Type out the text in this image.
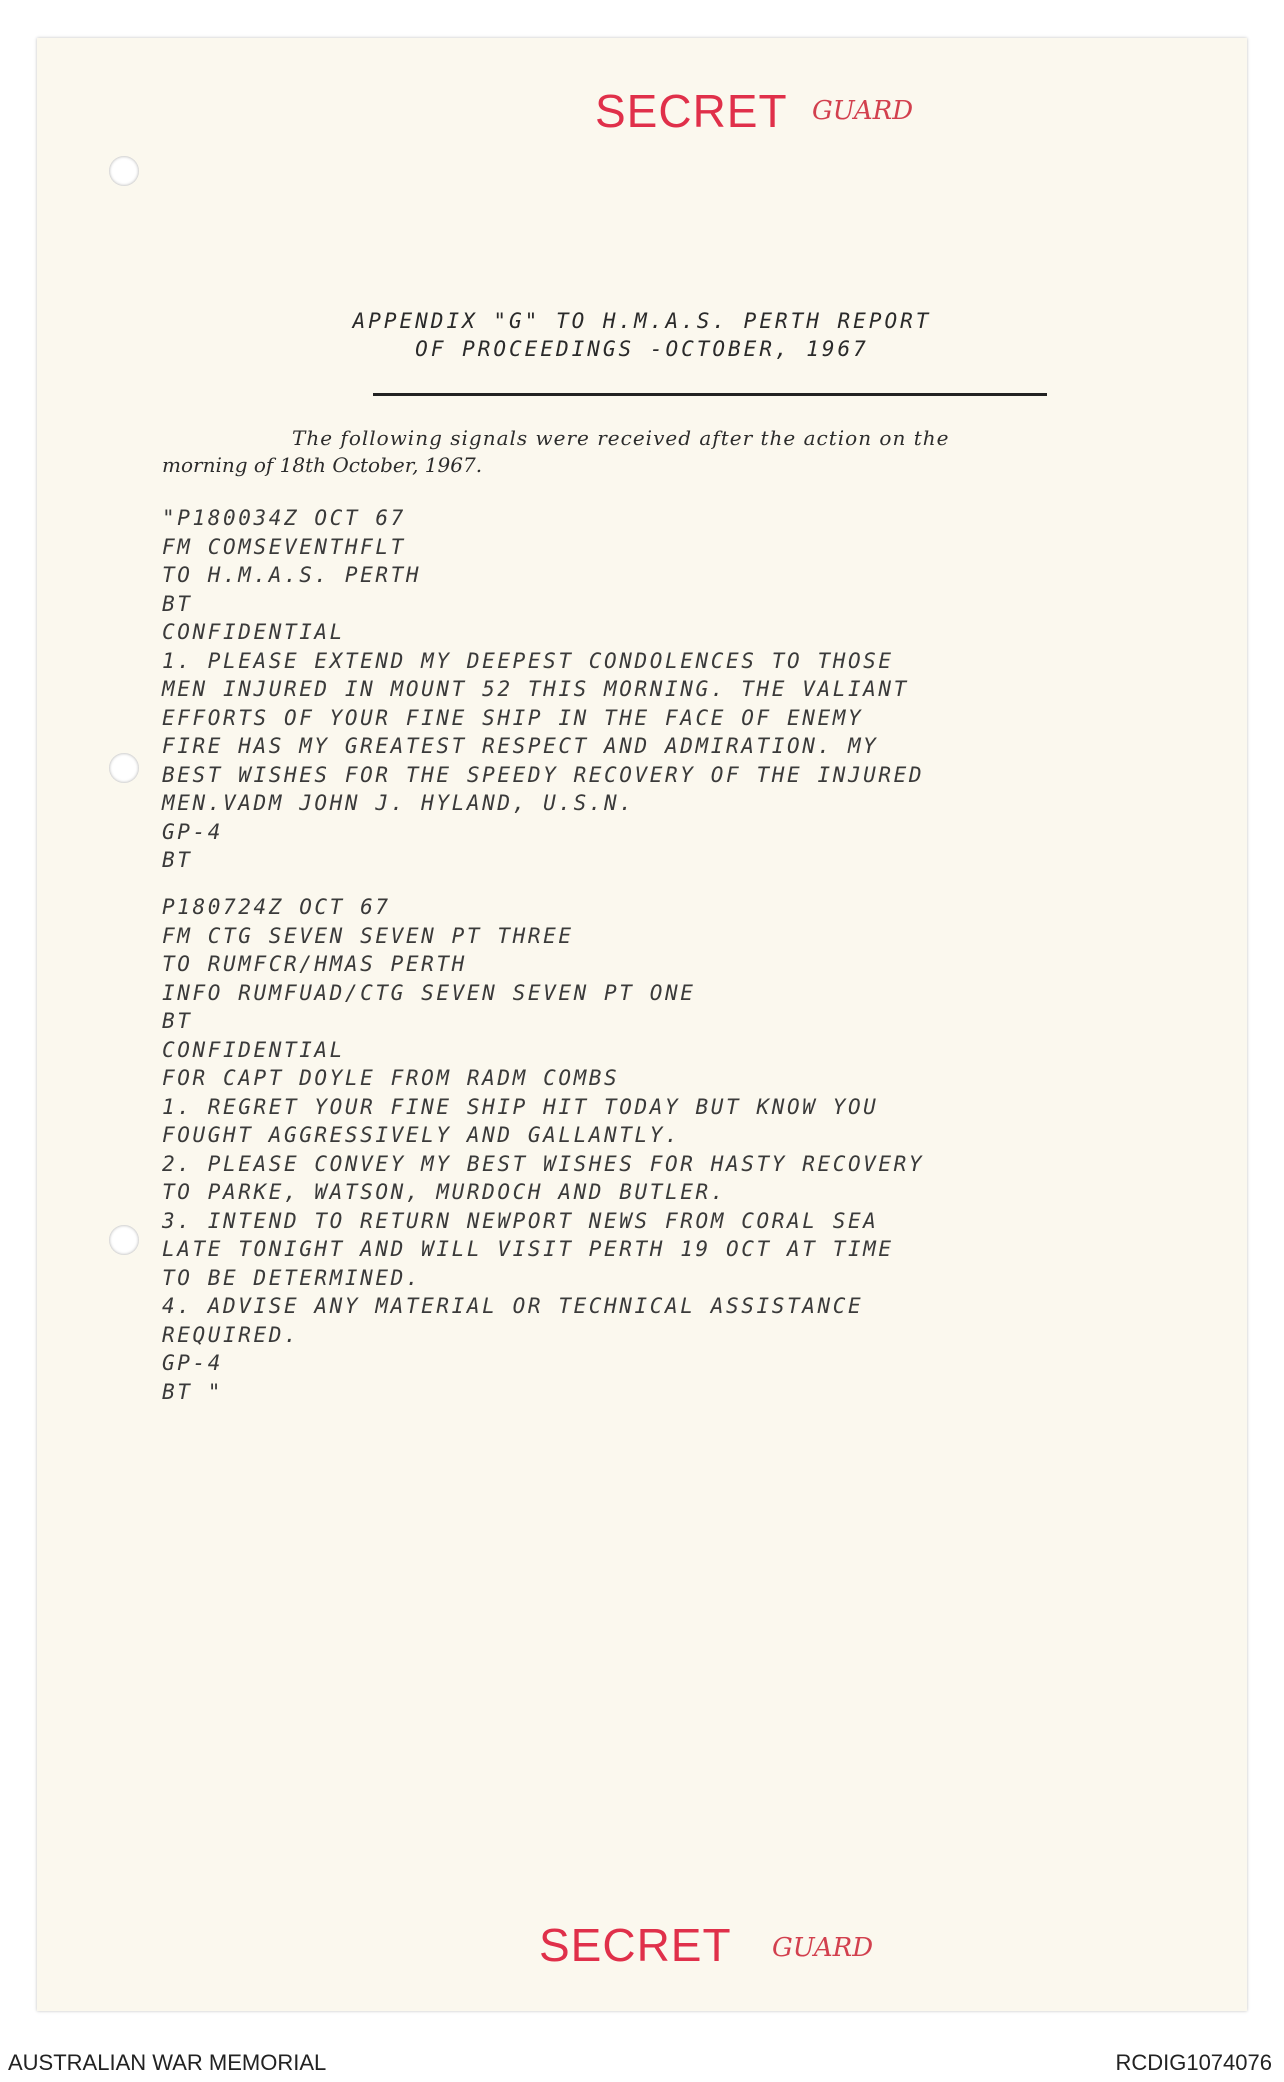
SECRET GUARD
APPENDIX "G" TO H.M.A.S. PERTH REPORT
OF PROCEEDINGS -OCTOBER, 1967
The following signals were received after the action on the
morning of 18th October, 1967.
"P180034Z OCT 67
FM COMSEVENTHFLT
TO H.M.A.S. PERTH
BT
CONFIDENTIAL
1. PLEASE EXTEND MY DEEPEST CONDOLENCES TO THOSE
MEN INJURED IN MOUNT 52 THIS MORNING. THE VALIANT
EFFORTS OF YOUR FINE SHIP IN THE FACE OF ENEMY
FIRE HAS MY GREATEST RESPECT AND ADMIRATION. MY
BEST WISHES FOR THE SPEEDY RECOVERY OF THE INJURED
MEN.VADM JOHN J. HYLAND, U.S.N.
GP-4
BT
P180724Z OCT 67
FM CTG SEVEN SEVEN PT THREE
TO RUMFCR/HMAS PERTH
INFO RUMFUAD/CTG SEVEN SEVEN PT ONE
BT
CONFIDENTIAL
FOR CAPT DOYLE FROM RADM COMBS
1. REGRET YOUR FINE SHIP HIT TODAY BUT KNOW YOU
FOUGHT AGGRESSIVELY AND GALLANTLY.
2. PLEASE CONVEY MY BEST WISHES FOR HASTY RECOVERY
TO PARKE, WATSON, MURDOCH AND BUTLER.
3. INTEND TO RETURN NEWPORT NEWS FROM CORAL SEA
LATE TONIGHT AND WILL VISIT PERTH 19 OCT AT TIME
TO BE DETERMINED.
4. ADVISE ANY MATERIAL OR TECHNICAL ASSISTANCE
REQUIRED.
GP-4
BT "
SECRET GUARD
AUSTRALIAN WAR MEMORIAL	RCDIG1074076
